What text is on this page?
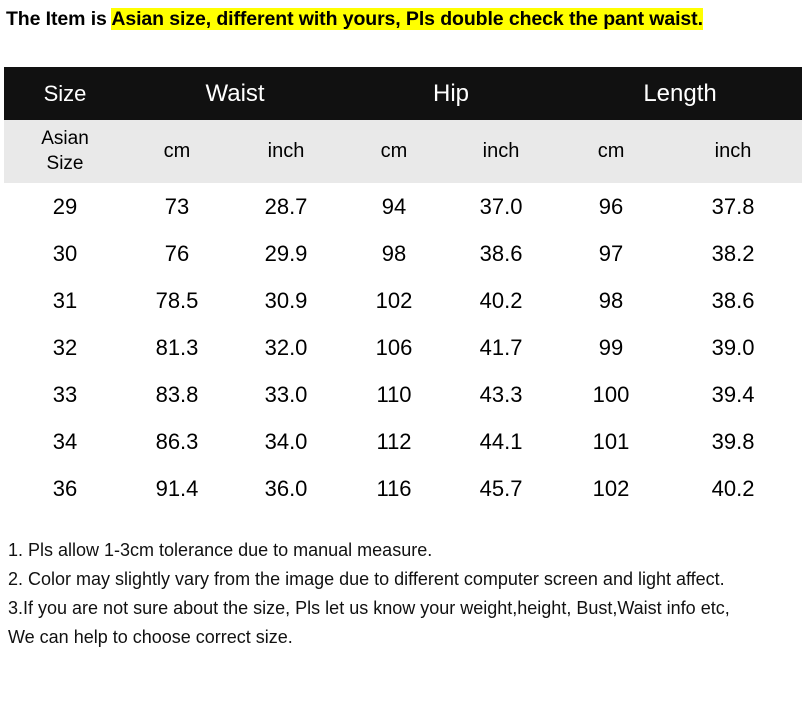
The Item is Asian size, different with yours, Pls double check the pant waist.
Size	Waist		Hip		Length	

Asian
Size	cm	inch	cm	inch	cm	inch
29	73	28.7	94	37.0	96	37.8
30	76	29.9	98	38.6	97	38.2
31	78.5	30.9	102	40.2	98	38.6
32	81.3	32.0	106	41.7	99	39.0
33	83.8	33.0	110	43.3	100	39.4
34	86.3	34.0	112	44.1	101	39.8
36	91.4	36.0	116	45.7	102	40.2
1. Pls allow 1-3cm tolerance due to manual measure.
2. Color may slightly vary from the image due to different computer screen and light affect.
3.If you are not sure about the size, Pls let us know your weight,height, Bust,Waist info etc,
We can help to choose correct size.
